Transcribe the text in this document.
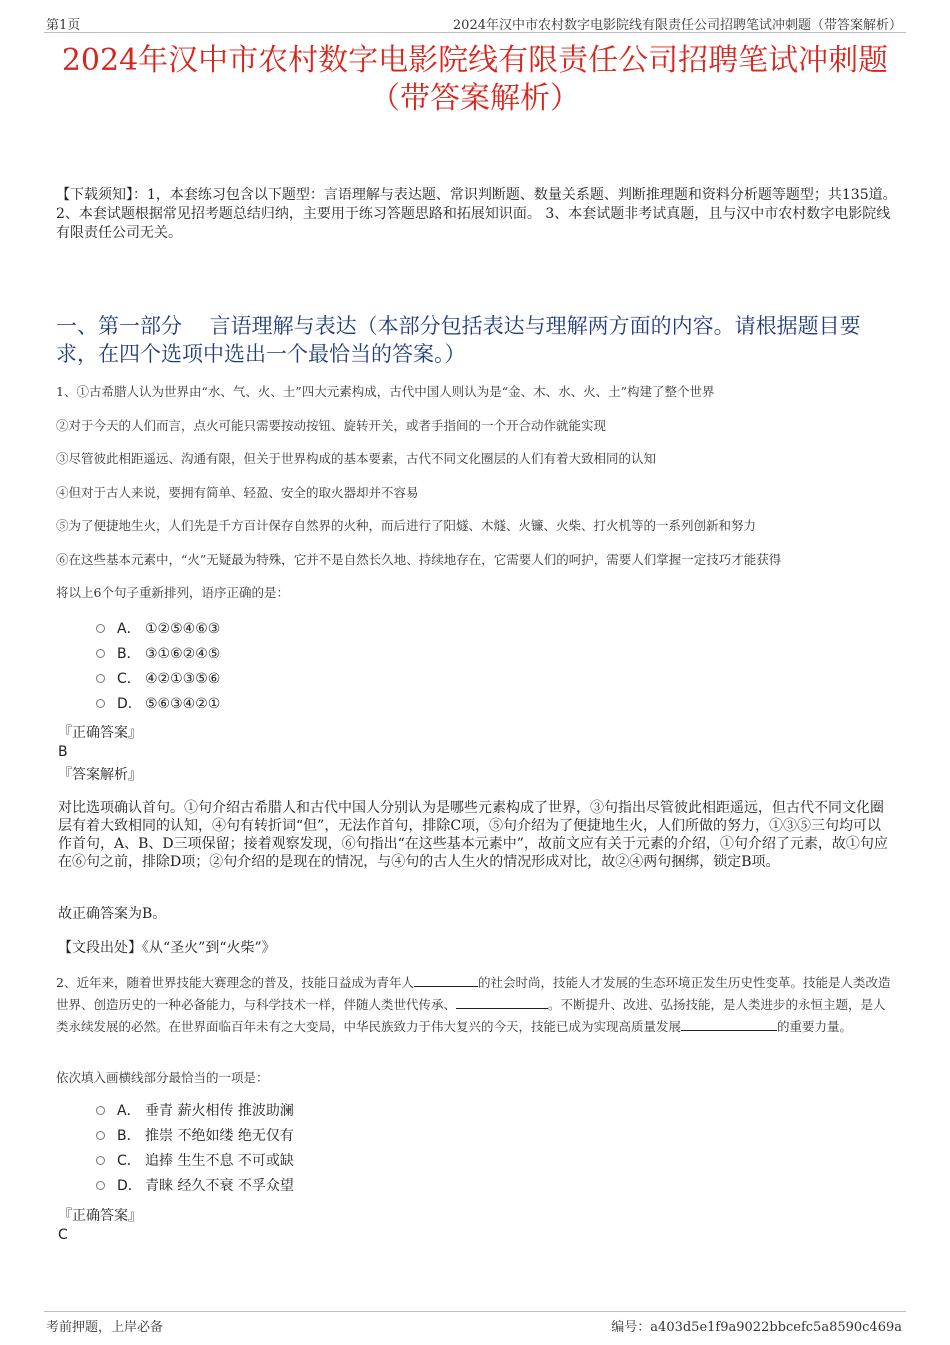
第1页	2024年汉中市农村数字电影院线有限责任公司招聘笔试冲刺题（带答案解析）
2024年汉中市农村数字电影院线有限责任公司招聘笔试冲刺题
（带答案解析）
【下载须知】：1，本套练习包含以下题型：言语理解与表达题、常识判断题、数量关系题、判断推理题和资料分析题等题型；共135道。 2、本套试题根据常见招考题总结归纳，主要用于练习答题思路和拓展知识面。 3、本套试题非考试真题，且与汉中市农村数字电影院线有限责任公司无关。
一、第一部分　 言语理解与表达（本部分包括表达与理解两方面的内容。请根据题目要求，在四个选项中选出一个最恰当的答案。）
1、①古希腊人认为世界由“水、气、火、土”四大元素构成，古代中国人则认为是“金、木、水、火、土”构建了整个世界
②对于今天的人们而言，点火可能只需要按动按钮、旋转开关，或者手指间的一个开合动作就能实现
③尽管彼此相距遥远、沟通有限，但关于世界构成的基本要素，古代不同文化圈层的人们有着大致相同的认知
④但对于古人来说，要拥有简单、轻盈、安全的取火器却并不容易
⑤为了便捷地生火，人们先是千方百计保存自然界的火种，而后进行了阳燧、木燧、火镰、火柴、打火机等的一系列创新和努力
⑥在这些基本元素中，“火”无疑最为特殊，它并不是自然长久地、持续地存在，它需要人们的呵护，需要人们掌握一定技巧才能获得
将以上6个句子重新排列，语序正确的是：
A． ①②⑤④⑥③
B． ③①⑥②④⑤
C． ④②①③⑤⑥
D． ⑤⑥③④②①
『正确答案』
B
『答案解析』
对比选项确认首句。①句介绍古希腊人和古代中国人分别认为是哪些元素构成了世界，③句指出尽管彼此相距遥远，但古代不同文化圈层有着大致相同的认知，④句有转折词“但”，无法作首句，排除C项，⑤句介绍为了便捷地生火，人们所做的努力，①③⑤三句均可以作首句，A、B、D三项保留；接着观察发现，⑥句指出“在这些基本元素中”，故前文应有关于元素的介绍，①句介绍了元素，故①句应在⑥句之前，排除D项；②句介绍的是现在的情况，与④句的古人生火的情况形成对比，故②④两句捆绑，锁定B项。
故正确答案为B。
【文段出处】《从“圣火”到“火柴”》
2、近年来，随着世界技能大赛理念的普及，技能日益成为青年人	的社会时尚，技能人才发展的生态环境正发生历史性变革。技能是人类改造世界、创造历史的一种必备能力，与科学技术一样，伴随人类世代传承、	。不断提升、改进、弘扬技能，是人类进步的永恒主题，是人类永续发展的必然。在世界面临百年未有之大变局，中华民族致力于伟大复兴的今天，技能已成为实现高质量发展	的重要力量。
依次填入画横线部分最恰当的一项是：
A． 垂青 薪火相传 推波助澜
B． 推崇 不绝如缕 绝无仅有
C． 追捧 生生不息 不可或缺
D． 青睐 经久不衰 不孚众望
『正确答案』
C
考前押题，上岸必备	编号：a403d5e1f9a9022bbcefc5a8590c469a
